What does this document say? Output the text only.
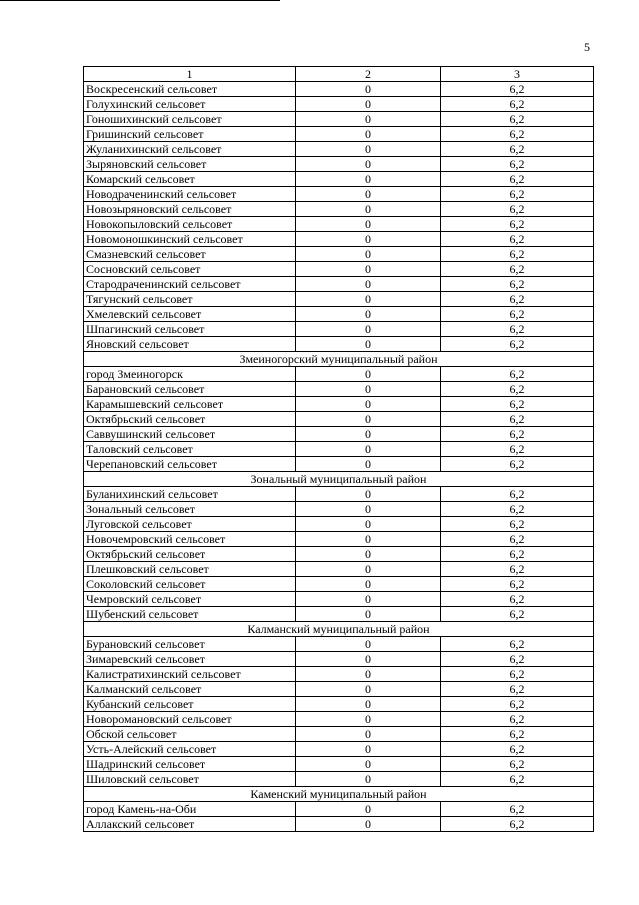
5
1	2	3
Воскресенский сельсовет	0	6,2
Голухинский сельсовет	0	6,2
Гоношихинский сельсовет	0	6,2
Гришинский сельсовет	0	6,2
Жуланихинский сельсовет	0	6,2
Зыряновский сельсовет	0	6,2
Комарский сельсовет	0	6,2
Новодраченинский сельсовет	0	6,2
Новозыряновский сельсовет	0	6,2
Новокопыловский сельсовет	0	6,2
Новомоношкинский сельсовет	0	6,2
Смазневский сельсовет	0	6,2
Сосновский сельсовет	0	6,2
Стародраченинский сельсовет	0	6,2
Тягунский сельсовет	0	6,2
Хмелевский сельсовет	0	6,2
Шпагинский сельсовет	0	6,2
Яновский сельсовет	0	6,2
Змеиногорский муниципальный район		
город Змеиногорск	0	6,2
Барановский сельсовет	0	6,2
Карамышевский сельсовет	0	6,2
Октябрьский сельсовет	0	6,2
Саввушинский сельсовет	0	6,2
Таловский сельсовет	0	6,2
Черепановский сельсовет	0	6,2
Зональный муниципальный район		
Буланихинский сельсовет	0	6,2
Зональный сельсовет	0	6,2
Луговской сельсовет	0	6,2
Новочемровский сельсовет	0	6,2
Октябрьский сельсовет	0	6,2
Плешковский сельсовет	0	6,2
Соколовский сельсовет	0	6,2
Чемровский сельсовет	0	6,2
Шубенский сельсовет	0	6,2
Калманский муниципальный район		
Бурановский сельсовет	0	6,2
Зимаревский сельсовет	0	6,2
Калистратихинский сельсовет	0	6,2
Калманский сельсовет	0	6,2
Кубанский сельсовет	0	6,2
Новоромановский сельсовет	0	6,2
Обской сельсовет	0	6,2
Усть-Алейский сельсовет	0	6,2
Шадринский сельсовет	0	6,2
Шиловский сельсовет	0	6,2
Каменский муниципальный район		
город Камень-на-Оби	0	6,2
Аллакский сельсовет	0	6,2
